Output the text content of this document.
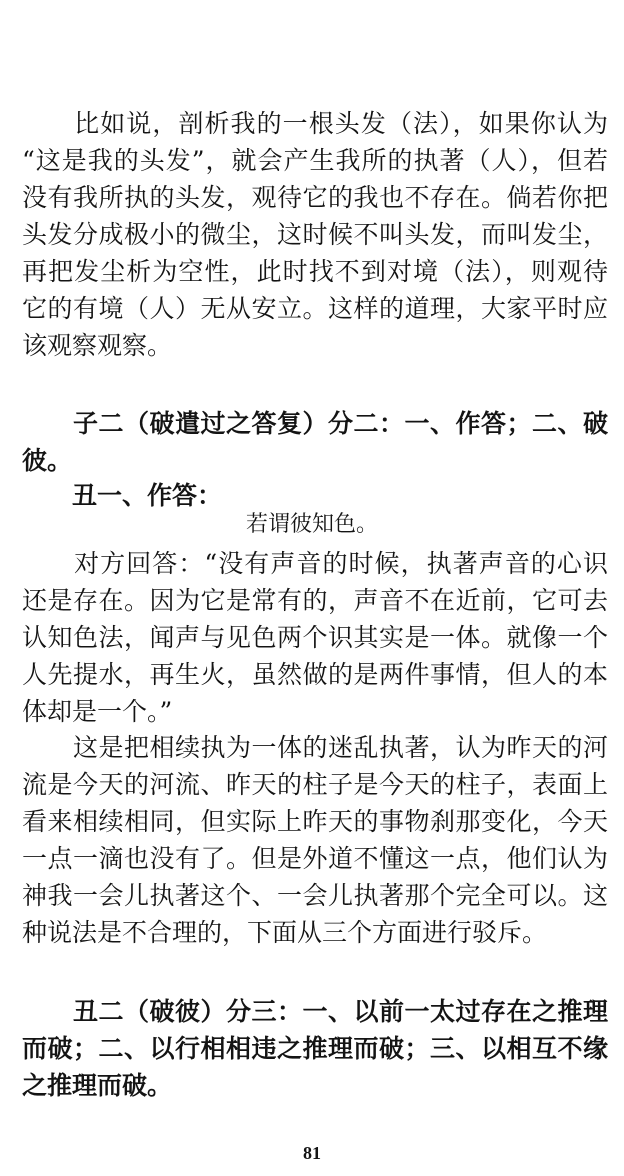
　　比如说，剖析我的一根头发（法），如果你认为
“这是我的头发”，就会产生我所的执著（人），但若
没有我所执的头发，观待它的我也不存在。倘若你把
头发分成极小的微尘，这时候不叫头发，而叫发尘，
再把发尘析为空性，此时找不到对境（法），则观待
它的有境（人）无从安立。这样的道理，大家平时应
该观察观察。
　　子二（破遣过之答复）分二：一、作答；二、破
彼。
　　丑一、作答：
若谓彼知色。
　　对方回答：“没有声音的时候，执著声音的心识
还是存在。因为它是常有的，声音不在近前，它可去
认知色法，闻声与见色两个识其实是一体。就像一个
人先提水，再生火，虽然做的是两件事情，但人的本
体却是一个。”
　　这是把相续执为一体的迷乱执著，认为昨天的河
流是今天的河流、昨天的柱子是今天的柱子，表面上
看来相续相同，但实际上昨天的事物刹那变化，今天
一点一滴也没有了。但是外道不懂这一点，他们认为
神我一会儿执著这个、一会儿执著那个完全可以。这
种说法是不合理的，下面从三个方面进行驳斥。
　　丑二（破彼）分三：一、以前一太过存在之推理
而破；二、以行相相违之推理而破；三、以相互不缘
之推理而破。
81
